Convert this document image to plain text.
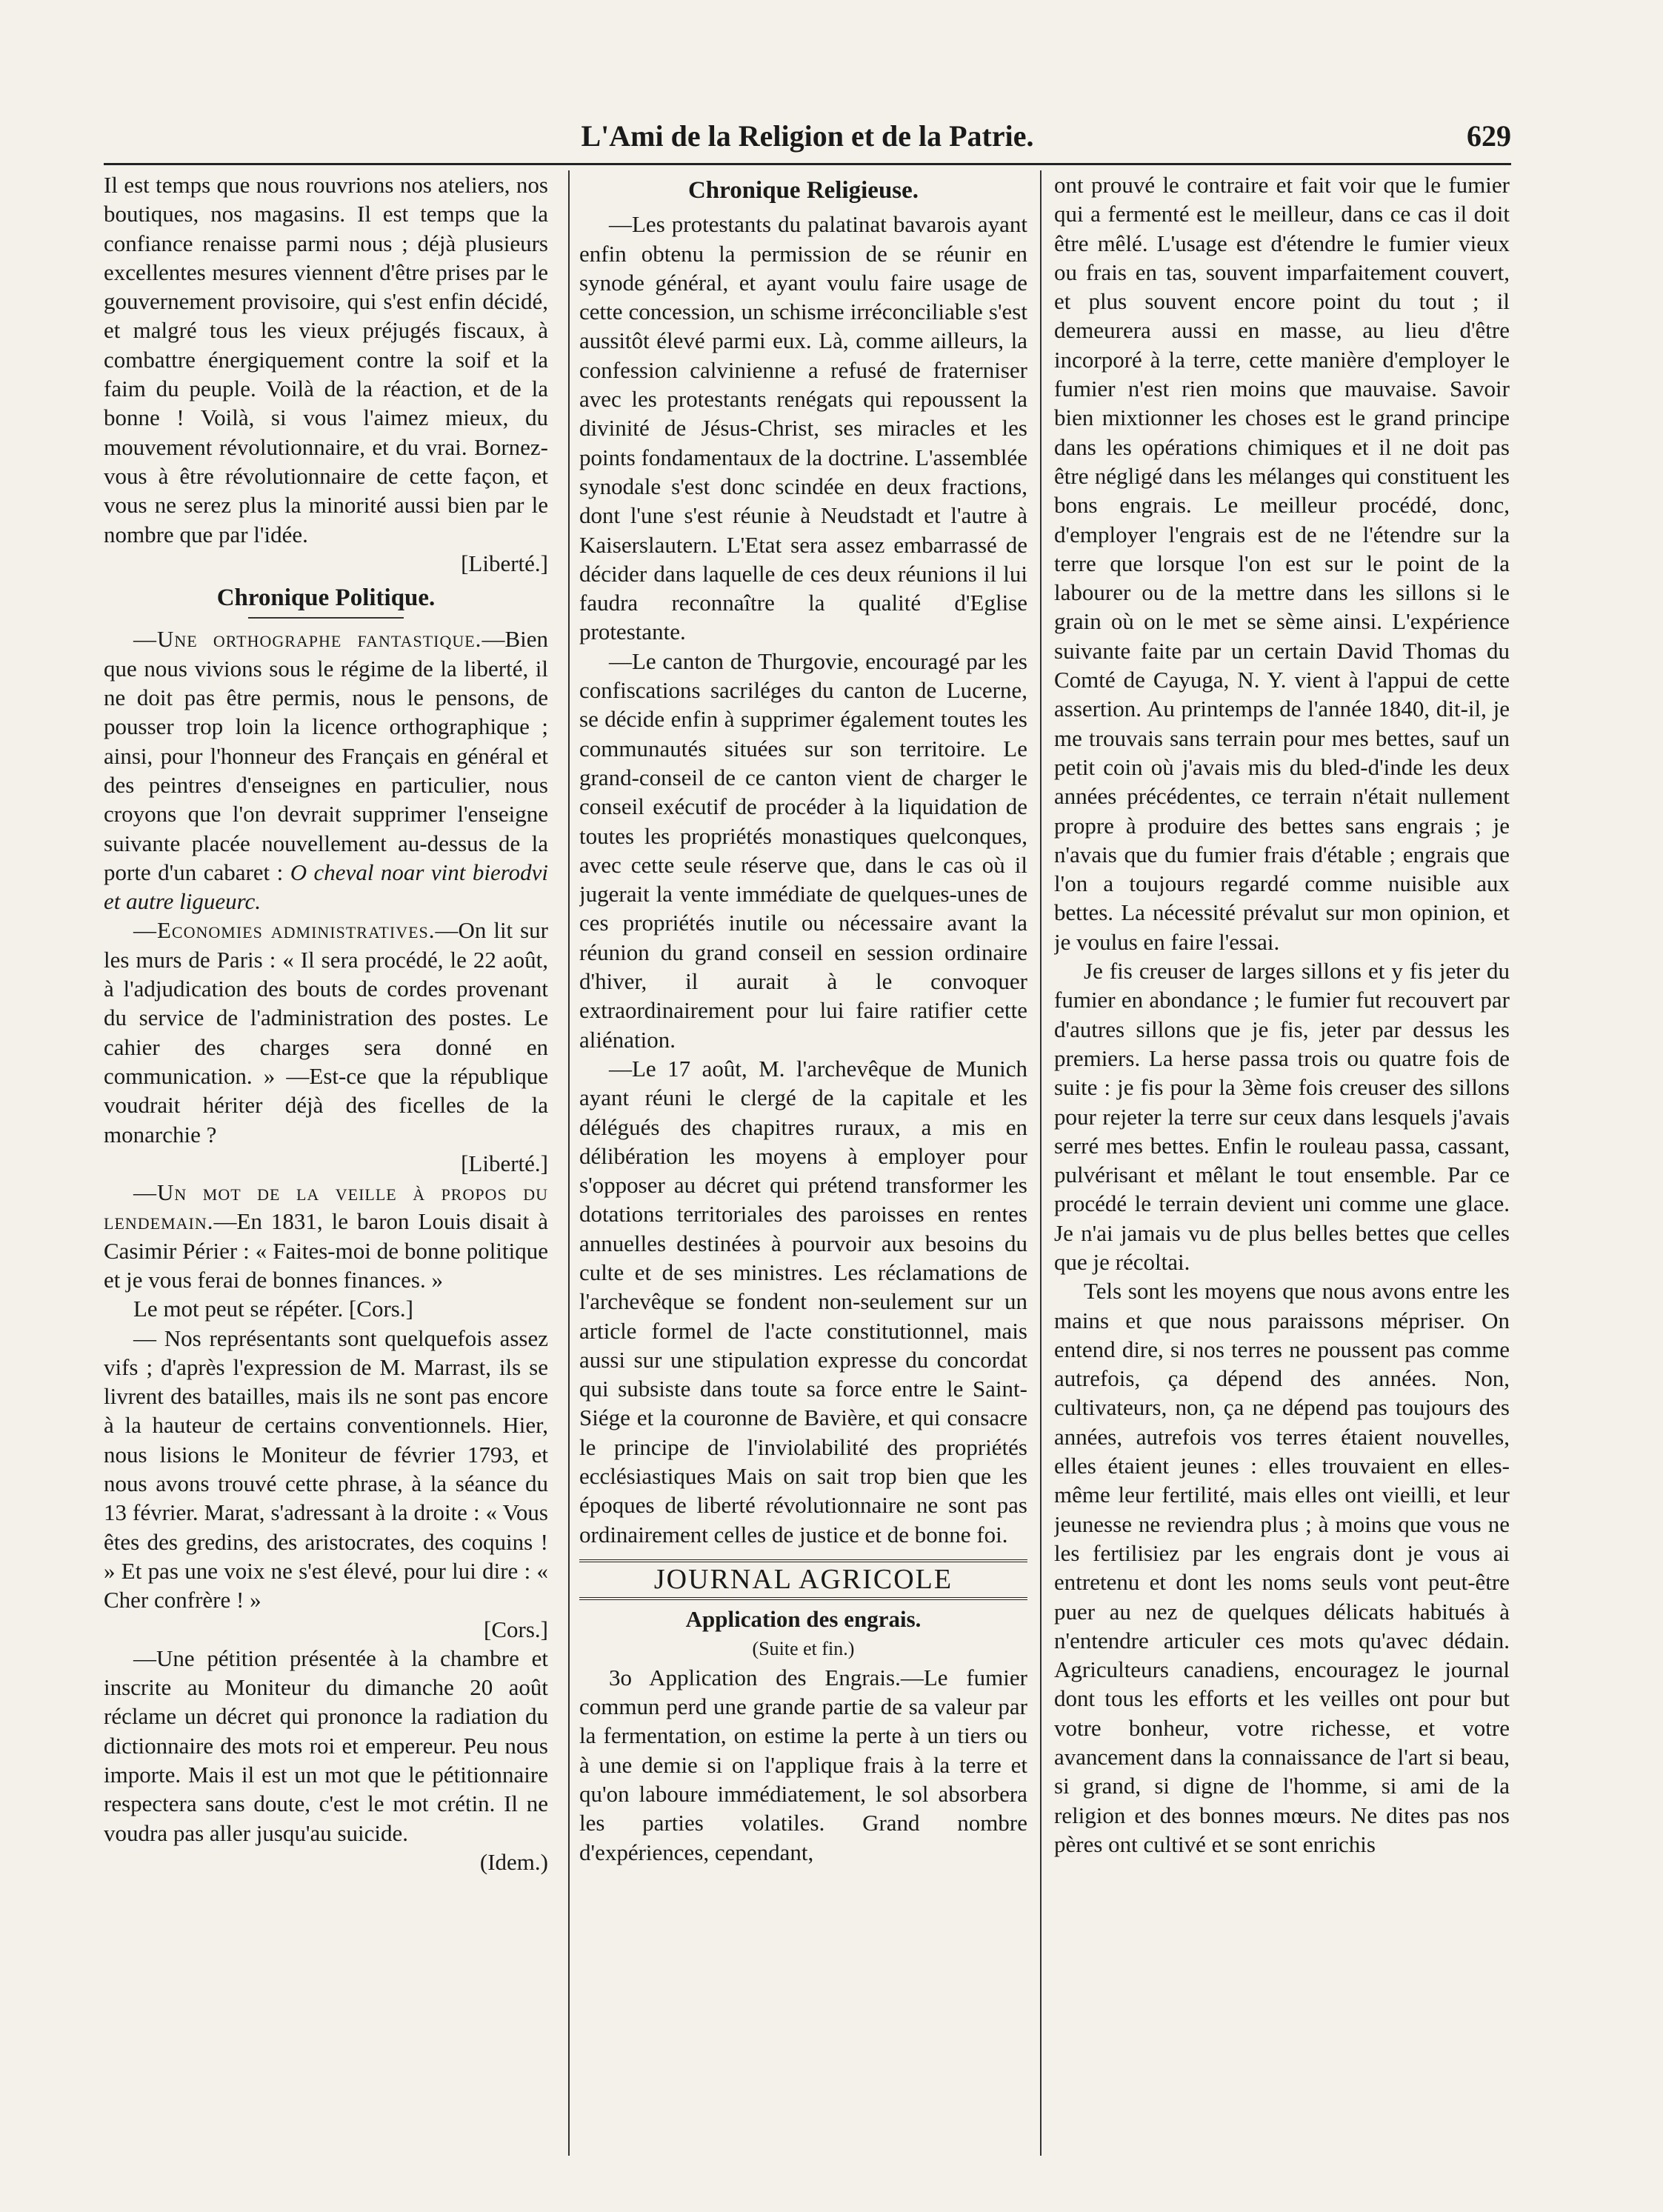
L'Ami de la Religion et de la Patrie.	629

Il est temps que nous rouvrions nos ateliers, nos boutiques, nos magasins. Il est temps que la confiance renaisse parmi nous ; déjà plusieurs excellentes mesures viennent d'être prises par le gouvernement provisoire, qui s'est enfin décidé, et malgré tous les vieux préjugés fiscaux, à combattre énergiquement contre la soif et la faim du peuple. Voilà de la réaction, et de la bonne ! Voilà, si vous l'aimez mieux, du mouvement révolutionnaire, et du vrai. Bornez-vous à être révolutionnaire de cette façon, et vous ne serez plus la minorité aussi bien par le nombre que par l'idée.

[Liberté.]

Chronique Politique.

—Une orthographe fantastique.—Bien que nous vivions sous le régime de la liberté, il ne doit pas être permis, nous le pensons, de pousser trop loin la licence orthographique ; ainsi, pour l'honneur des Français en général et des peintres d'enseignes en particulier, nous croyons que l'on devrait supprimer l'enseigne suivante placée nouvellement au-dessus de la porte d'un cabaret : O cheval noar vint bierodvi et autre ligueurc.

—Economies administratives.—On lit sur les murs de Paris : « Il sera procédé, le 22 août, à l'adjudication des bouts de cordes provenant du service de l'administration des postes. Le cahier des charges sera donné en communication. » —Est-ce que la république voudrait hériter déjà des ficelles de la monarchie ?

[Liberté.]

—Un mot de la veille à propos du lendemain.—En 1831, le baron Louis disait à Casimir Périer : « Faites-moi de bonne politique et je vous ferai de bonnes finances. »

Le mot peut se répéter. [Cors.]

— Nos représentants sont quelquefois assez vifs ; d'après l'expression de M. Marrast, ils se livrent des batailles, mais ils ne sont pas encore à la hauteur de certains conventionnels. Hier, nous lisions le Moniteur de février 1793, et nous avons trouvé cette phrase, à la séance du 13 février. Marat, s'adressant à la droite : « Vous êtes des gredins, des aristocrates, des coquins ! » Et pas une voix ne s'est élevé, pour lui dire : « Cher confrère ! »

[Cors.]

—Une pétition présentée à la chambre et inscrite au Moniteur du dimanche 20 août réclame un décret qui prononce la radiation du dictionnaire des mots roi et empereur. Peu nous importe. Mais il est un mot que le pétitionnaire respectera sans doute, c'est le mot crétin. Il ne voudra pas aller jusqu'au suicide.

(Idem.)

Chronique Religieuse.

—Les protestants du palatinat bavarois ayant enfin obtenu la permission de se réunir en synode général, et ayant voulu faire usage de cette concession, un schisme irréconciliable s'est aussitôt élevé parmi eux. Là, comme ailleurs, la confession calvinienne a refusé de fraterniser avec les protestants renégats qui repoussent la divinité de Jésus-Christ, ses miracles et les points fondamentaux de la doctrine. L'assemblée synodale s'est donc scindée en deux fractions, dont l'une s'est réunie à Neudstadt et l'autre à Kaiserslautern. L'Etat sera assez embarrassé de décider dans laquelle de ces deux réunions il lui faudra reconnaître la qualité d'Eglise protestante.

—Le canton de Thurgovie, encouragé par les confiscations sacriléges du canton de Lucerne, se décide enfin à supprimer également toutes les communautés situées sur son territoire. Le grand-conseil de ce canton vient de charger le conseil exécutif de procéder à la liquidation de toutes les propriétés monastiques quelconques, avec cette seule réserve que, dans le cas où il jugerait la vente immédiate de quelques-unes de ces propriétés inutile ou nécessaire avant la réunion du grand conseil en session ordinaire d'hiver, il aurait à le convoquer extraordinairement pour lui faire ratifier cette aliénation.

—Le 17 août, M. l'archevêque de Munich ayant réuni le clergé de la capitale et les délégués des chapitres ruraux, a mis en délibération les moyens à employer pour s'opposer au décret qui prétend transformer les dotations territoriales des paroisses en rentes annuelles destinées à pourvoir aux besoins du culte et de ses ministres. Les réclamations de l'archevêque se fondent non-seulement sur un article formel de l'acte constitutionnel, mais aussi sur une stipulation expresse du concordat qui subsiste dans toute sa force entre le Saint-Siége et la couronne de Bavière, et qui consacre le principe de l'inviolabilité des propriétés ecclésiastiques Mais on sait trop bien que les époques de liberté révolutionnaire ne sont pas ordinairement celles de justice et de bonne foi.

JOURNAL AGRICOLE
Application des engrais.
(Suite et fin.)

3o Application des Engrais.—Le fumier commun perd une grande partie de sa valeur par la fermentation, on estime la perte à un tiers ou à une demie si on l'applique frais à la terre et qu'on laboure immédiatement, le sol absorbera les parties volatiles. Grand nombre d'expériences, cependant,

ont prouvé le contraire et fait voir que le fumier qui a fermenté est le meilleur, dans ce cas il doit être mêlé. L'usage est d'étendre le fumier vieux ou frais en tas, souvent imparfaitement couvert, et plus souvent encore point du tout ; il demeurera aussi en masse, au lieu d'être incorporé à la terre, cette manière d'employer le fumier n'est rien moins que mauvaise. Savoir bien mixtionner les choses est le grand principe dans les opérations chimiques et il ne doit pas être négligé dans les mélanges qui constituent les bons engrais. Le meilleur procédé, donc, d'employer l'engrais est de ne l'étendre sur la terre que lorsque l'on est sur le point de la labourer ou de la mettre dans les sillons si le grain où on le met se sème ainsi. L'expérience suivante faite par un certain David Thomas du Comté de Cayuga, N. Y. vient à l'appui de cette assertion. Au printemps de l'année 1840, dit-il, je me trouvais sans terrain pour mes bettes, sauf un petit coin où j'avais mis du bled-d'inde les deux années précédentes, ce terrain n'était nullement propre à produire des bettes sans engrais ; je n'avais que du fumier frais d'étable ; engrais que l'on a toujours regardé comme nuisible aux bettes. La nécessité prévalut sur mon opinion, et je voulus en faire l'essai.

Je fis creuser de larges sillons et y fis jeter du fumier en abondance ; le fumier fut recouvert par d'autres sillons que je fis, jeter par dessus les premiers. La herse passa trois ou quatre fois de suite : je fis pour la 3ème fois creuser des sillons pour rejeter la terre sur ceux dans lesquels j'avais serré mes bettes. Enfin le rouleau passa, cassant, pulvérisant et mêlant le tout ensemble. Par ce procédé le terrain devient uni comme une glace. Je n'ai jamais vu de plus belles bettes que celles que je récoltai.

Tels sont les moyens que nous avons entre les mains et que nous paraissons mépriser. On entend dire, si nos terres ne poussent pas comme autrefois, ça dépend des années. Non, cultivateurs, non, ça ne dépend pas toujours des années, autrefois vos terres étaient nouvelles, elles étaient jeunes : elles trouvaient en elles-même leur fertilité, mais elles ont vieilli, et leur jeunesse ne reviendra plus ; à moins que vous ne les fertilisiez par les engrais dont je vous ai entretenu et dont les noms seuls vont peut-être puer au nez de quelques délicats habitués à n'entendre articuler ces mots qu'avec dédain. Agriculteurs canadiens, encouragez le journal dont tous les efforts et les veilles ont pour but votre bonheur, votre richesse, et votre avancement dans la connaissance de l'art si beau, si grand, si digne de l'homme, si ami de la religion et des bonnes mœurs. Ne dites pas nos pères ont cultivé et se sont enrichis
